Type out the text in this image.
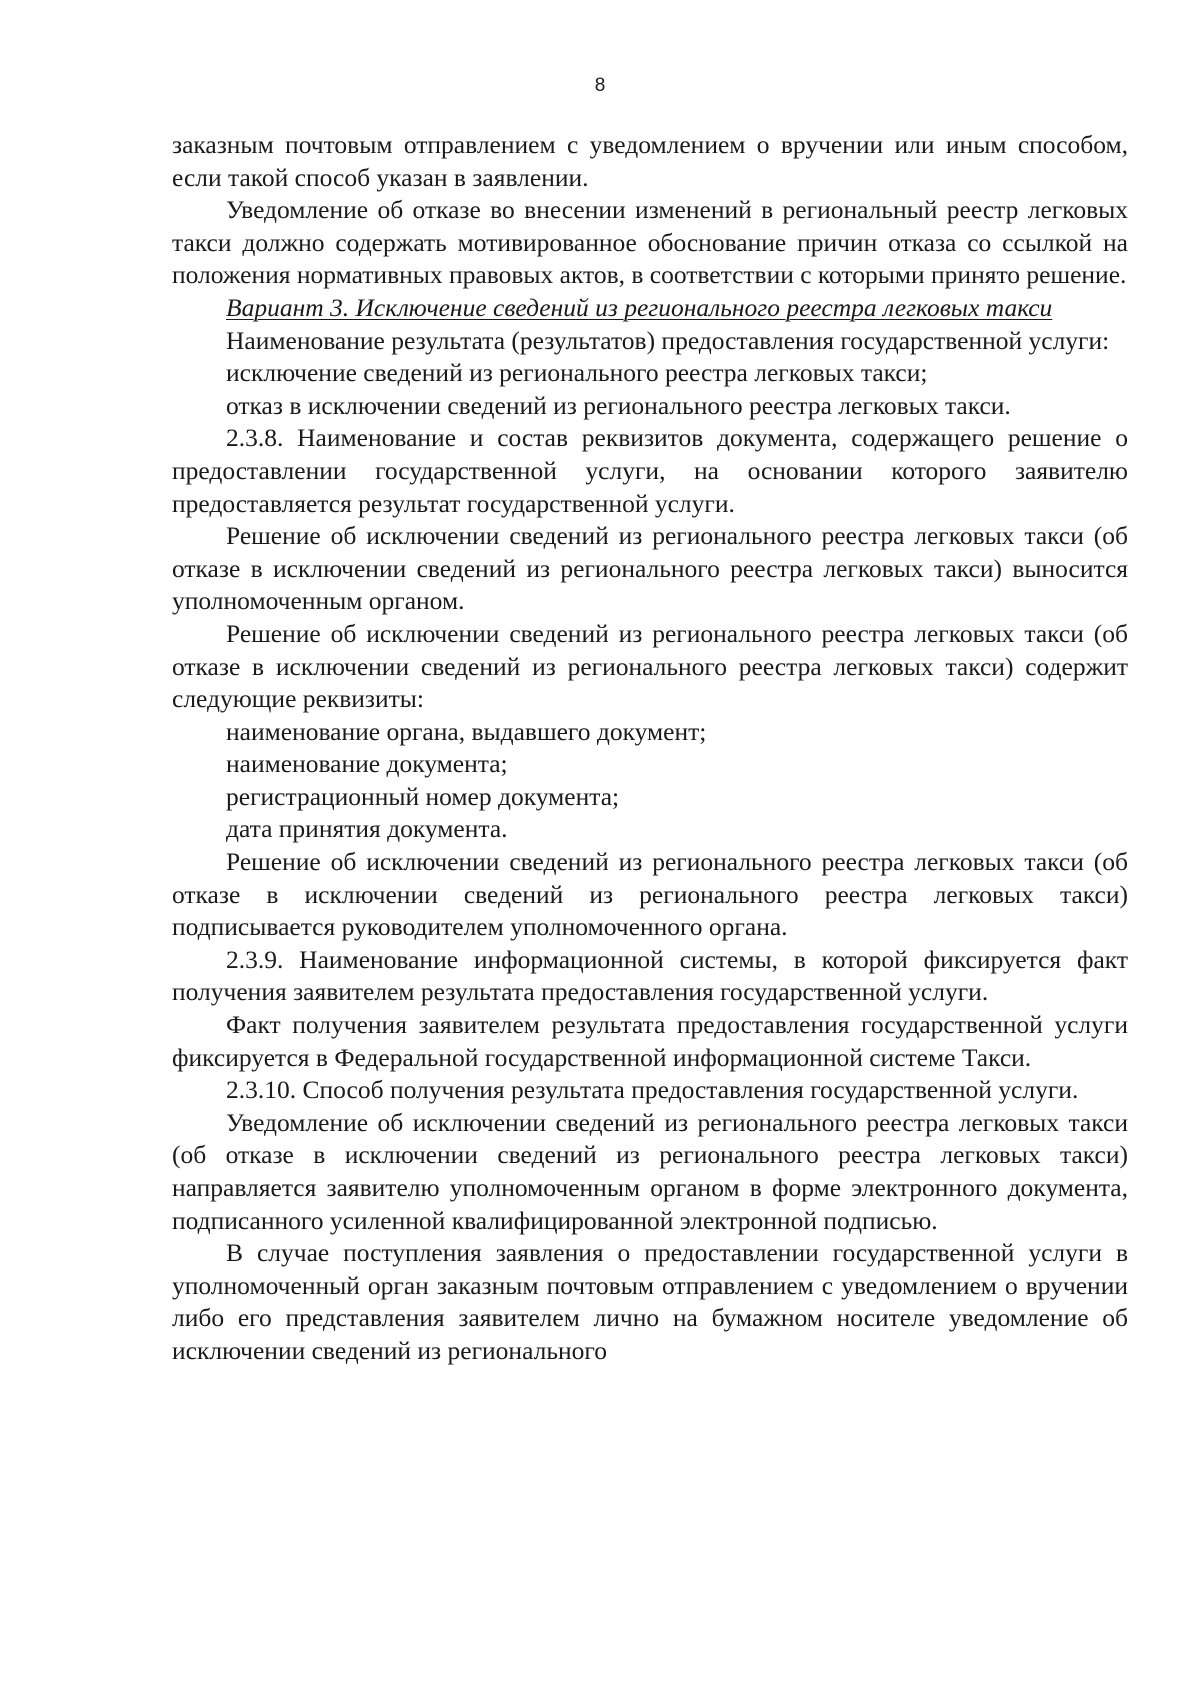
8

заказным почтовым отправлением с уведомлением о вручении или иным способом, если такой способ указан в заявлении.

Уведомление об отказе во внесении изменений в региональный реестр легковых такси должно содержать мотивированное обоснование причин отказа со ссылкой на положения нормативных правовых актов, в соответствии с которыми принято решение.

Вариант 3. Исключение сведений из регионального реестра легковых такси

Наименование результата (результатов) предоставления государственной услуги:

исключение сведений из регионального реестра легковых такси;

отказ в исключении сведений из регионального реестра легковых такси.

2.3.8. Наименование и состав реквизитов документа, содержащего решение о предоставлении государственной услуги, на основании которого заявителю предоставляется результат государственной услуги.

Решение об исключении сведений из регионального реестра легковых такси (об отказе в исключении сведений из регионального реестра легковых такси) выносится уполномоченным органом.

Решение об исключении сведений из регионального реестра легковых такси (об отказе в исключении сведений из регионального реестра легковых такси) содержит следующие реквизиты:

наименование органа, выдавшего документ;

наименование документа;

регистрационный номер документа;

дата принятия документа.

Решение об исключении сведений из регионального реестра легковых такси (об отказе в исключении сведений из регионального реестра легковых такси) подписывается руководителем уполномоченного органа.

2.3.9. Наименование информационной системы, в которой фиксируется факт получения заявителем результата предоставления государственной услуги.

Факт получения заявителем результата предоставления государственной услуги фиксируется в Федеральной государственной информационной системе Такси.

2.3.10. Способ получения результата предоставления государственной услуги.

Уведомление об исключении сведений из регионального реестра легковых такси (об отказе в исключении сведений из регионального реестра легковых такси) направляется заявителю уполномоченным органом в форме электронного документа, подписанного усиленной квалифицированной электронной подписью.

В случае поступления заявления о предоставлении государственной услуги в уполномоченный орган заказным почтовым отправлением с уведомлением о вручении либо его представления заявителем лично на бумажном носителе уведомление об исключении сведений из регионального
